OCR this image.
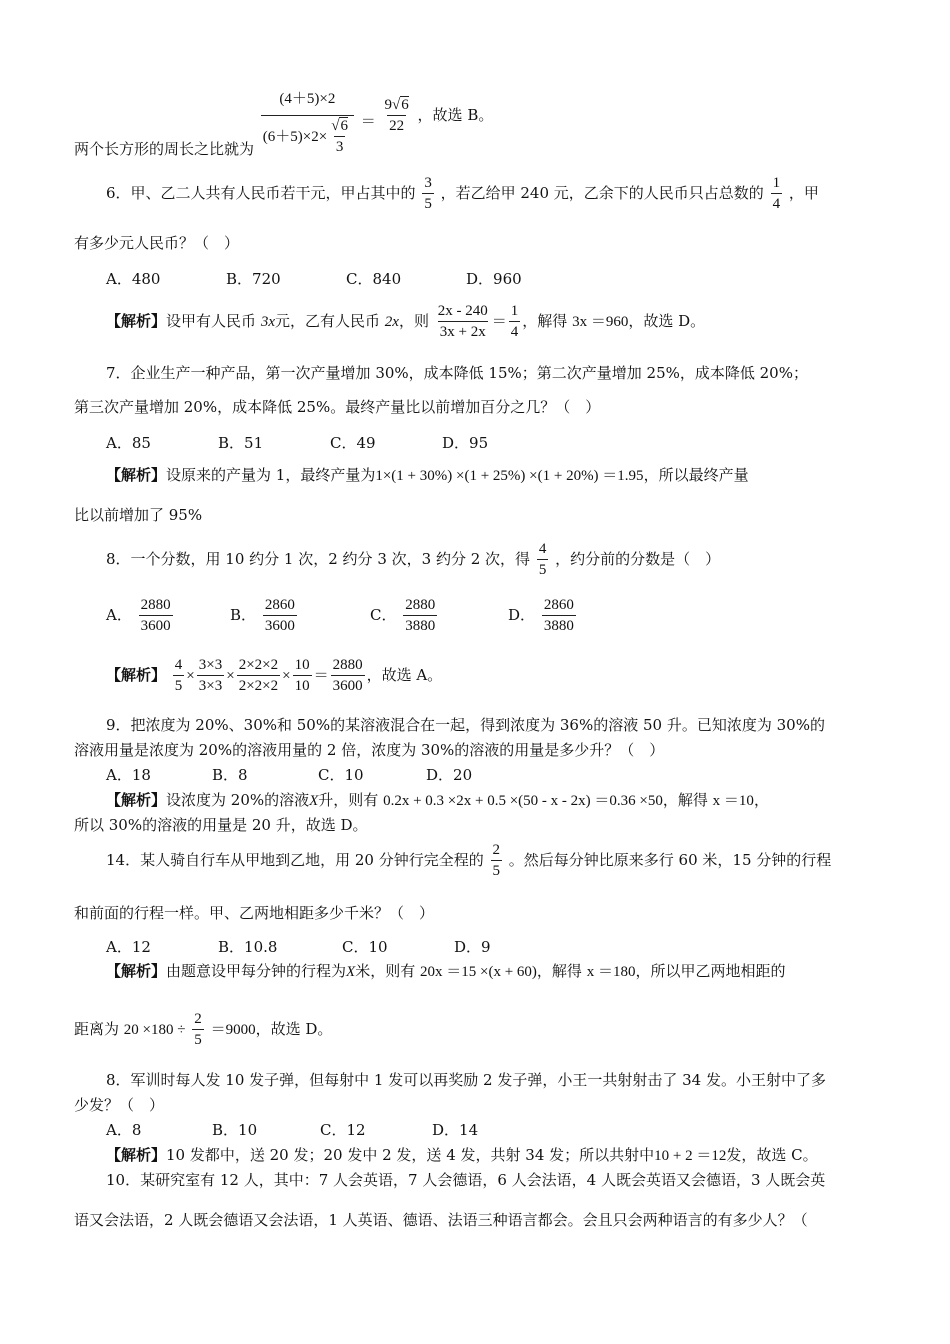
两个长方形的周长之比就为 $\frac{(4+5)\times 2}{(6+5)\times 2\times \frac{√6}{3}} = \frac{9√6}{22}$ ，故选 B。
6．甲、乙二人共有人民币若干元，甲占其中的 $\frac{3}{5}$ ，若乙给甲 240 元，乙余下的人民币只占总数的 $\frac{1}{4}$ ，甲
有多少元人民币？（　）
A．480	B．720	C．840	D．960
【解析】设甲有人民币 3x元，乙有人民币 2x，则 $\frac{2x - 240}{3x + 2x} = \frac{1}{4}$ ，解得 3x ＝960，故选 D。
7．企业生产一种产品，第一次产量增加 30%，成本降低 15%；第二次产量增加 25%，成本降低 20%；
第三次产量增加 20%，成本降低 25%。最终产量比以前增加百分之几？（　）
A．85	B．51	C．49	D．95
【解析】设原来的产量为 1，最终产量为1×(1 + 30%) ×(1 + 25%) ×(1 + 20%) ＝1.95，所以最终产量
比以前增加了 95%
8．一个分数，用 10 约分 1 次，2 约分 3 次，3 约分 2 次，得 $\frac{4}{5}$ ，约分前的分数是（　）
A． $\frac{2880}{3600}$	B． $\frac{2860}{3600}$	C． $\frac{2880}{3880}$	D． $\frac{2860}{3880}$
【解析】 $\frac{4}{5} \times \frac{3\times 3}{3\times 3} \times \frac{2\times 2\times 2}{2\times 2\times 2} \times \frac{10}{10} = \frac{2880}{3600}$ ，故选 A。
9．把浓度为 20%、30%和 50%的某溶液混合在一起，得到浓度为 36%的溶液 50 升。已知浓度为 30%的
溶液用量是浓度为 20%的溶液用量的 2 倍，浓度为 30%的溶液的用量是多少升？（　）
A．18	B．8	C．10	D．20
【解析】设浓度为 20%的溶液X升，则有 0.2x + 0.3 ×2x + 0.5 ×(50 - x - 2x) ＝0.36 ×50，解得 x ＝10，
所以 30%的溶液的用量是 20 升，故选 D。
14．某人骑自行车从甲地到乙地，用 20 分钟行完全程的 $\frac{2}{5}$ 。然后每分钟比原来多行 60 米，15 分钟的行程
和前面的行程一样。甲、乙两地相距多少千米？（　）
A．12	B．10.8	C．10	D．9
【解析】由题意设甲每分钟的行程为X米，则有 20x ＝15 ×(x + 60)，解得 x ＝180，所以甲乙两地相距的
距离为 $20 \times 180 \div \frac{2}{5} =9000$，故选 D。
8．军训时每人发 10 发子弹，但每射中 1 发可以再奖励 2 发子弹，小王一共射射击了 34 发。小王射中了多
少发？（　）
A．8	B．10	C．12	D．14
【解析】10 发都中，送 20 发；20 发中 2 发，送 4 发，共射 34 发；所以共射中10 + 2 ＝12发，故选 C。
10．某研究室有 12 人，其中：7 人会英语，7 人会德语，6 人会法语，4 人既会英语又会德语，3 人既会英
语又会法语，2 人既会德语又会法语，1 人英语、德语、法语三种语言都会。会且只会两种语言的有多少人？（
